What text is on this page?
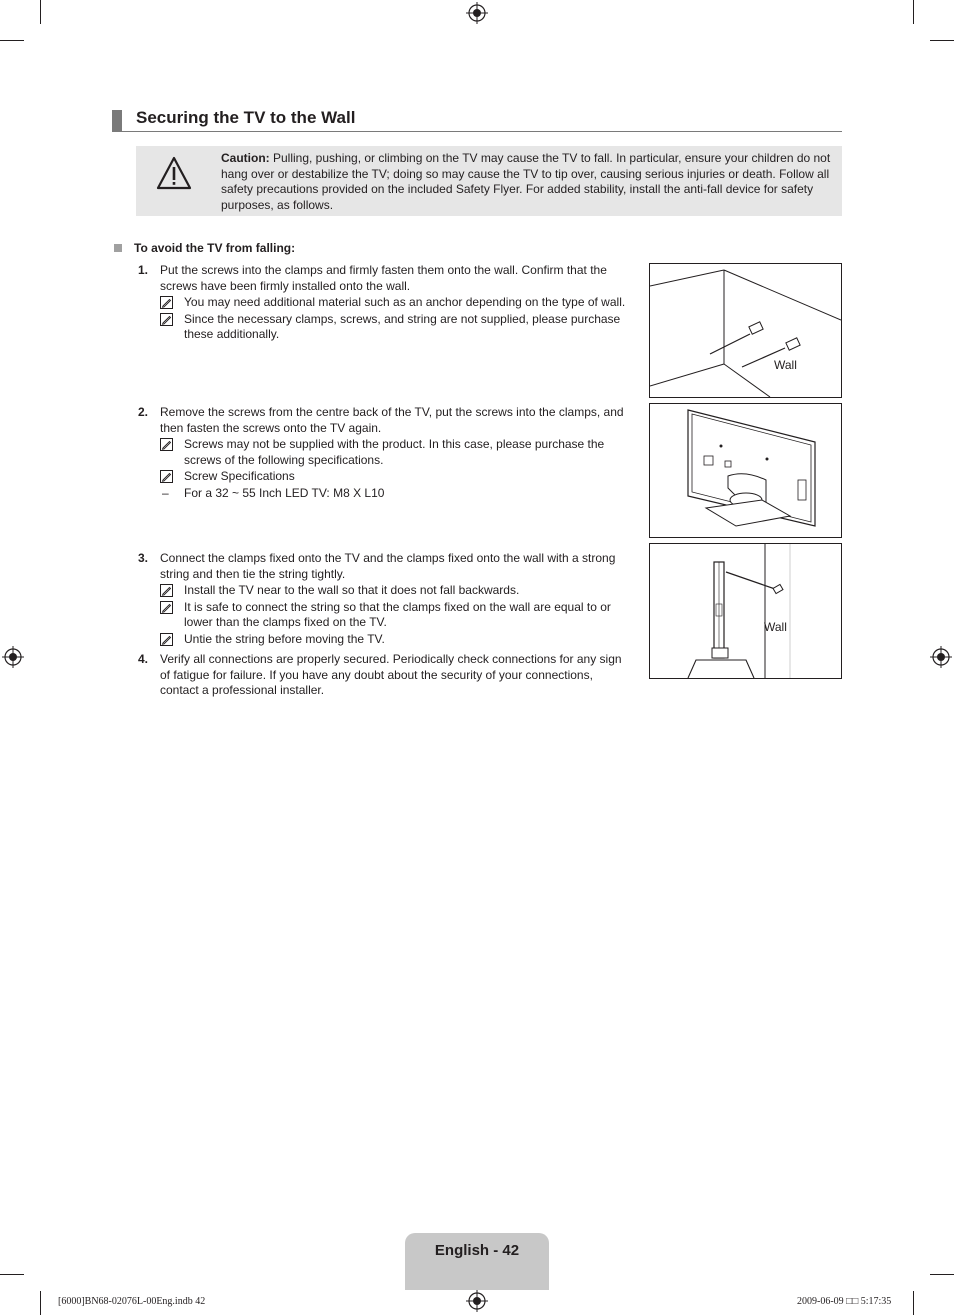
Securing the TV to the Wall
Caution: Pulling, pushing, or climbing on the TV may cause the TV to fall. In particular, ensure your children do not hang over or destabilize the TV; doing so may cause the TV to tip over, causing serious injuries or death. Follow all safety precautions provided on the included Safety Flyer. For added stability, install the anti-fall device for safety purposes, as follows.
To avoid the TV from falling:
1. Put the screws into the clamps and firmly fasten them onto the wall. Confirm that the screws have been firmly installed onto the wall.
You may need additional material such as an anchor depending on the type of wall.
Since the necessary clamps, screws, and string are not supplied, please purchase these additionally.
2. Remove the screws from the centre back of the TV, put the screws into the clamps, and then fasten the screws onto the TV again.
Screws may not be supplied with the product. In this case, please purchase the screws of the following specifications.
Screw Specifications
– For a 32 ~ 55 Inch LED TV: M8 X L10
3. Connect the clamps fixed onto the TV and the clamps fixed onto the wall with a strong string and then tie the string tightly.
Install the TV near to the wall so that it does not fall backwards.
It is safe to connect the string so that the clamps fixed on the wall are equal to or lower than the clamps fixed on the TV.
Untie the string before moving the TV.
4. Verify all connections are properly secured. Periodically check connections for any sign of fatigue for failure. If you have any doubt about the security of your connections, contact a professional installer.
Wall
Wall
English - 42
[6000]BN68-02076L-00Eng.indb 42	2009-06-09 □□ 5:17:35
